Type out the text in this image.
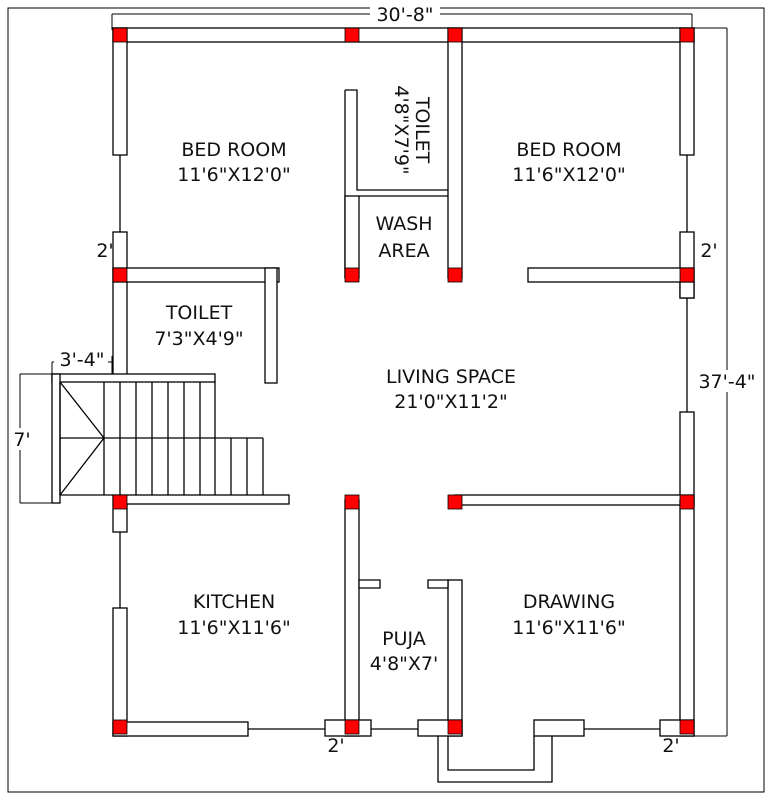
30'-8"
37'-4"
3'-4"
7'
2'	2'
2'	2'
BED ROOM
11'6"X12'0"
BED ROOM
11'6"X12'0"
TOILET
4'8"X7'9"
WASH
AREA
TOILET
7'3"X4'9"
LIVING SPACE
21'0"X11'2"
KITCHEN
11'6"X11'6"	PUJA
4'8"X7'
DRAWING
11'6"X11'6"
